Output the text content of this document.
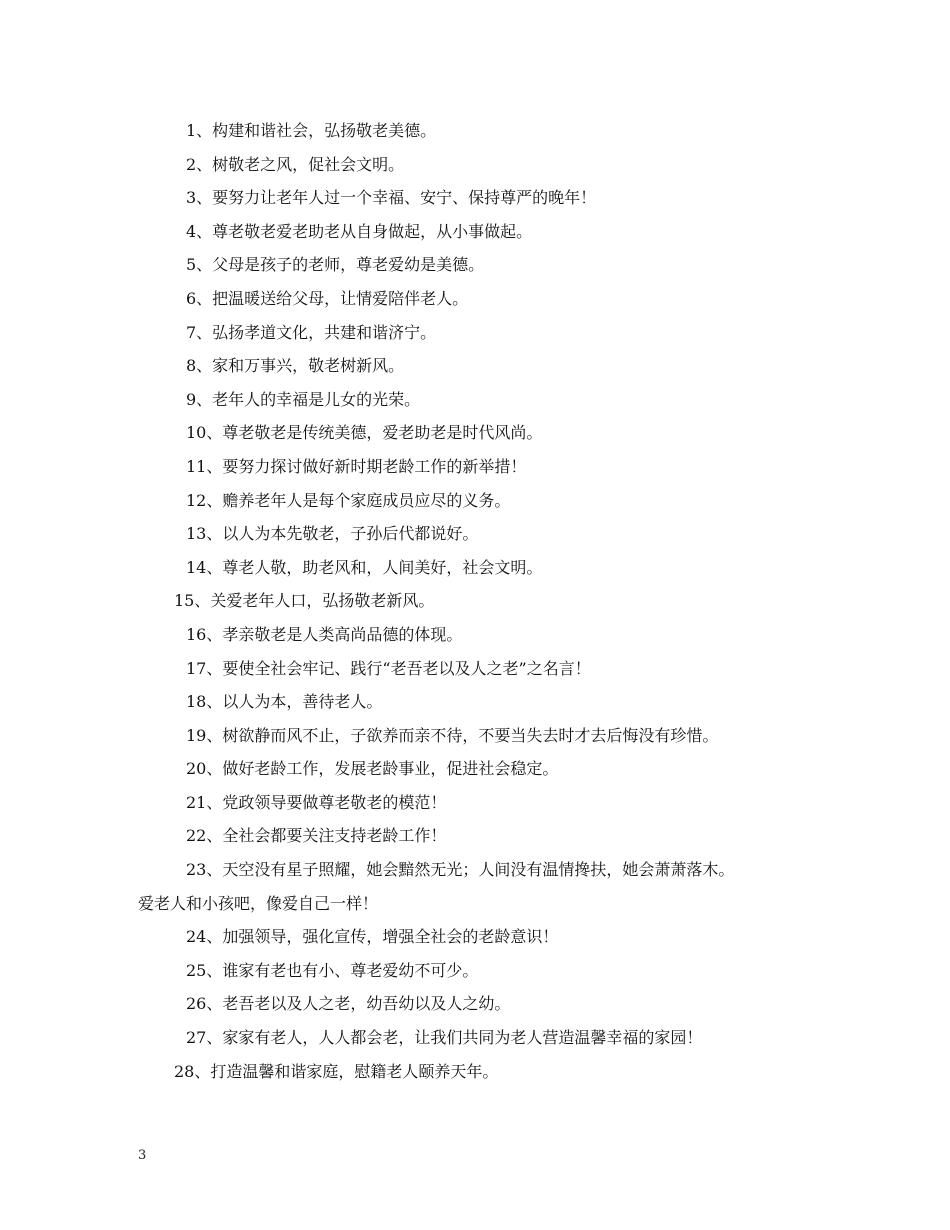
1、构建和谐社会，弘扬敬老美德。
2、树敬老之风，促社会文明。
3、要努力让老年人过一个幸福、安宁、保持尊严的晚年！
4、尊老敬老爱老助老从自身做起，从小事做起。
5、父母是孩子的老师，尊老爱幼是美德。
6、把温暖送给父母，让情爱陪伴老人。
7、弘扬孝道文化，共建和谐济宁。
8、家和万事兴，敬老树新风。
9、老年人的幸福是儿女的光荣。
10、尊老敬老是传统美德，爱老助老是时代风尚。
11、要努力探讨做好新时期老龄工作的新举措！
12、赡养老年人是每个家庭成员应尽的义务。
13、以人为本先敬老，子孙后代都说好。
14、尊老人敬，助老风和，人间美好，社会文明。
15、关爱老年人口，弘扬敬老新风。
16、孝亲敬老是人类高尚品德的体现。
17、要使全社会牢记、践行“老吾老以及人之老”之名言！
18、以人为本，善待老人。
19、树欲静而风不止，子欲养而亲不待，不要当失去时才去后悔没有珍惜。
20、做好老龄工作，发展老龄事业，促进社会稳定。
21、党政领导要做尊老敬老的模范！
22、全社会都要关注支持老龄工作！
23、天空没有星子照耀，她会黯然无光；人间没有温情搀扶，她会萧萧落木。
爱老人和小孩吧，像爱自己一样！
24、加强领导，强化宣传，增强全社会的老龄意识！
25、谁家有老也有小、尊老爱幼不可少。
26、老吾老以及人之老，幼吾幼以及人之幼。
27、家家有老人，人人都会老，让我们共同为老人营造温馨幸福的家园！
28、打造温馨和谐家庭，慰籍老人颐养天年。
3
